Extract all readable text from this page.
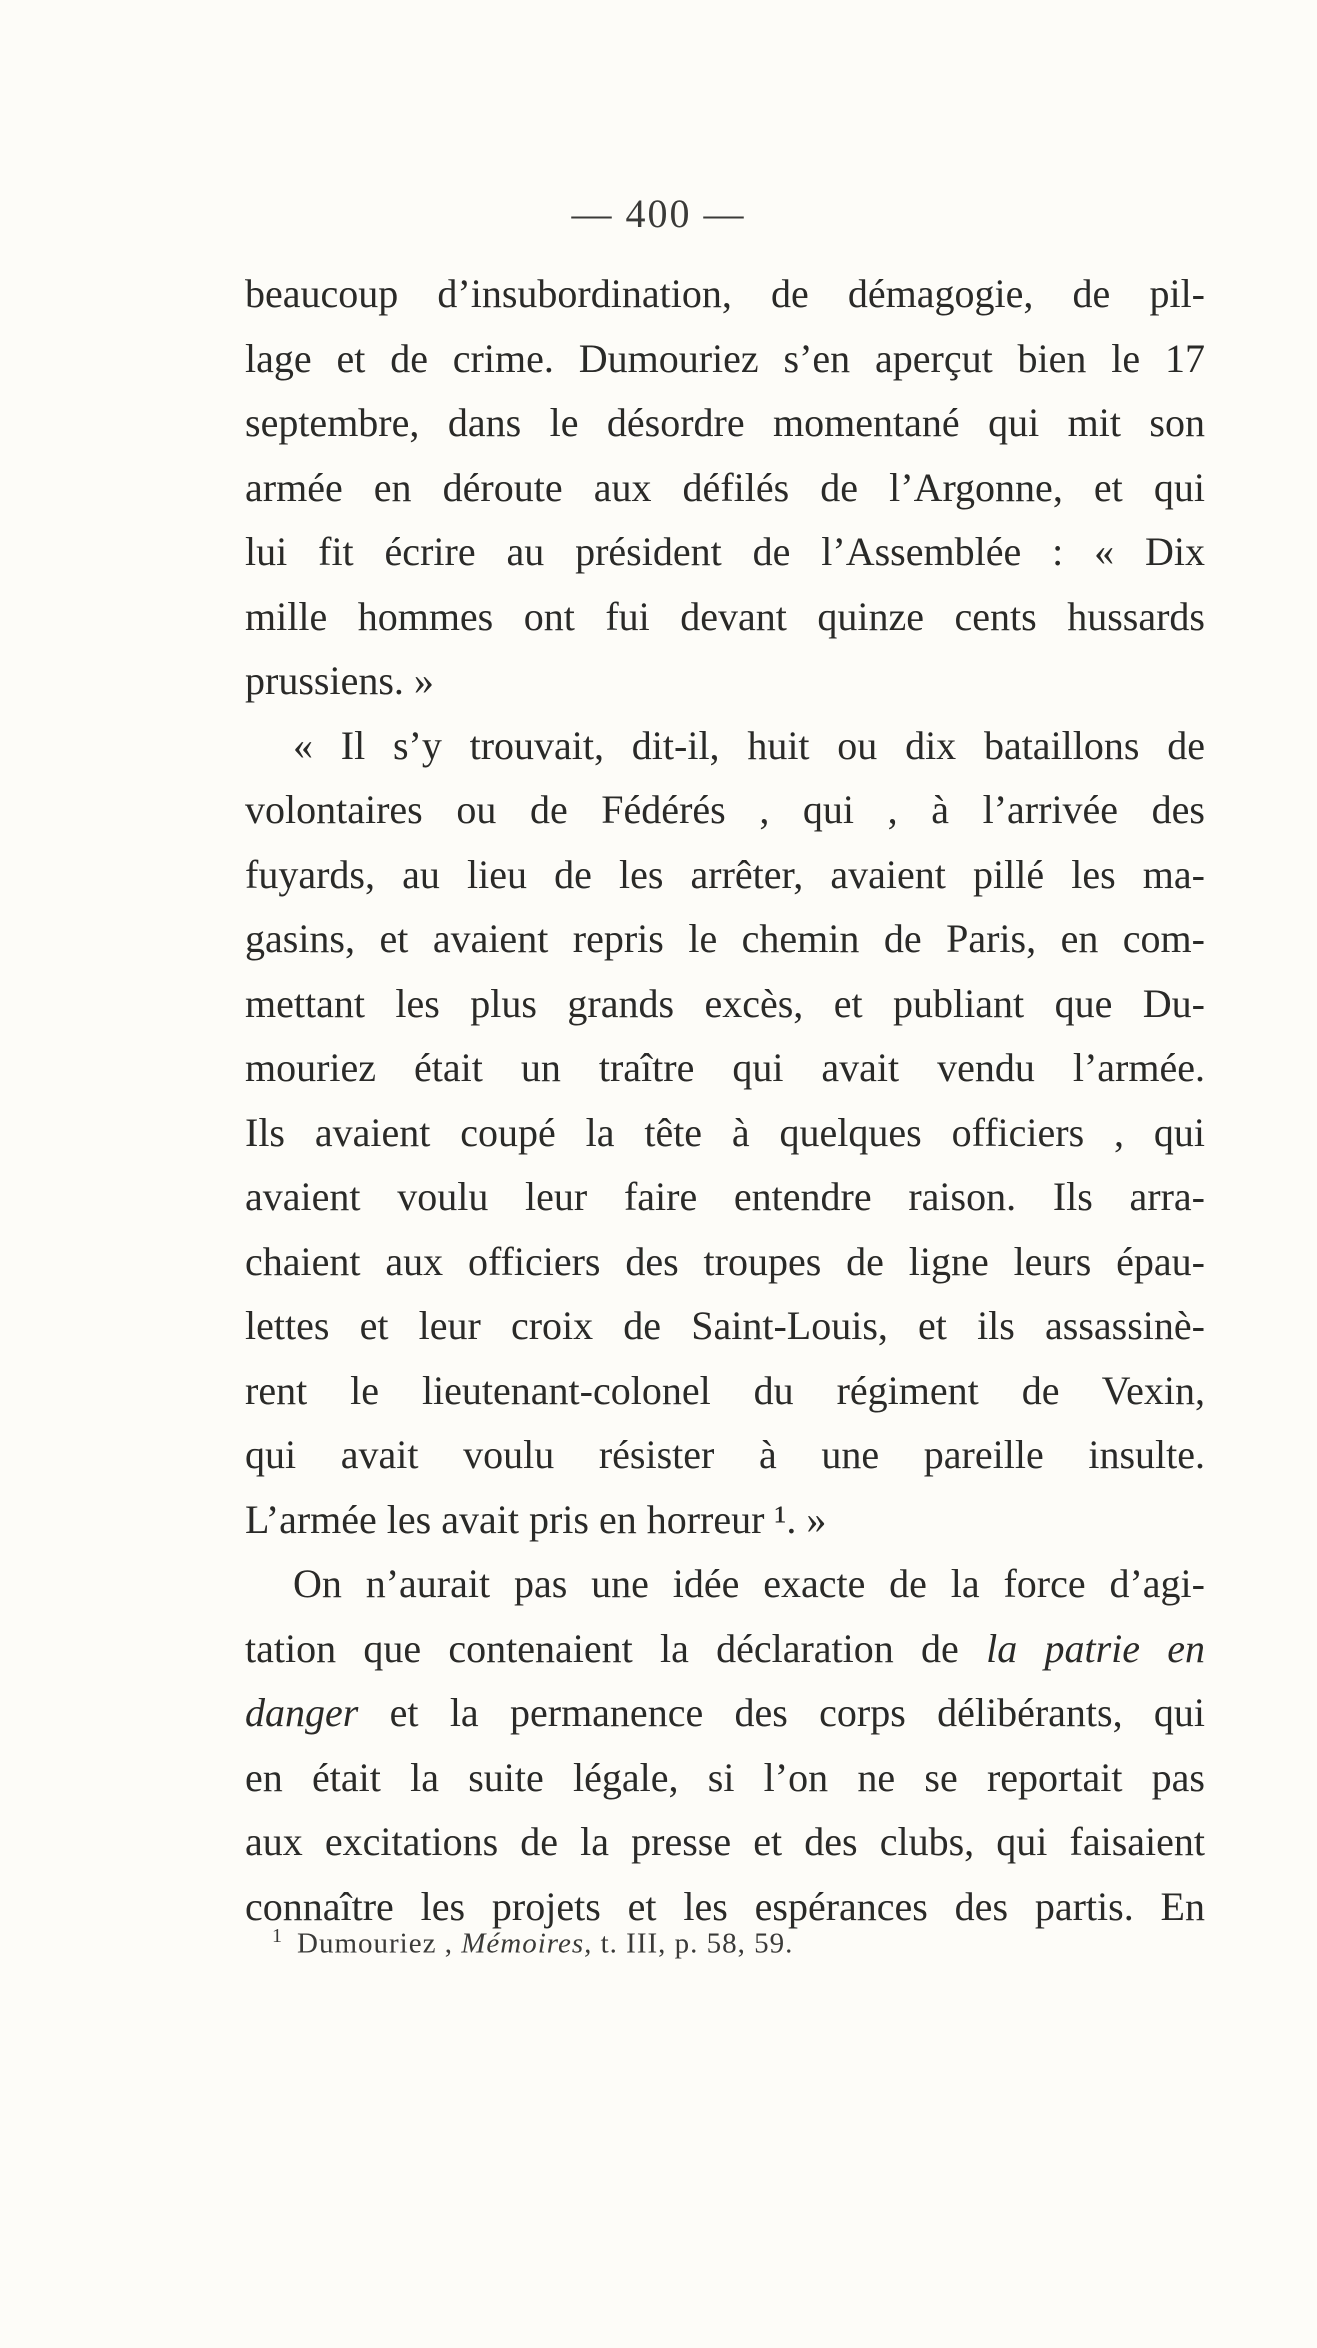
— 400 —
beaucoup d’insubordination, de démagogie, de pil-
lage et de crime. Dumouriez s’en aperçut bien le 17
septembre, dans le désordre momentané qui mit son
armée en déroute aux défilés de l’Argonne, et qui
lui fit écrire au président de l’Assemblée : « Dix
mille hommes ont fui devant quinze cents hussards
prussiens. »
« Il s’y trouvait, dit-il, huit ou dix bataillons de
volontaires ou de Fédérés , qui , à l’arrivée des
fuyards, au lieu de les arrêter, avaient pillé les ma-
gasins, et avaient repris le chemin de Paris, en com-
mettant les plus grands excès, et publiant que Du-
mouriez était un traître qui avait vendu l’armée.
Ils avaient coupé la tête à quelques officiers , qui
avaient voulu leur faire entendre raison. Ils arra-
chaient aux officiers des troupes de ligne leurs épau-
lettes et leur croix de Saint-Louis, et ils assassinè-
rent le lieutenant-colonel du régiment de Vexin,
qui avait voulu résister à une pareille insulte.
L’armée les avait pris en horreur ¹. »
On n’aurait pas une idée exacte de la force d’agi-
tation que contenaient la déclaration de la patrie en
danger et la permanence des corps délibérants, qui
en était la suite légale, si l’on ne se reportait pas
aux excitations de la presse et des clubs, qui faisaient
connaître les projets et les espérances des partis. En
$^1$ Dumouriez , Mémoires, t. III, p. 58, 59.
